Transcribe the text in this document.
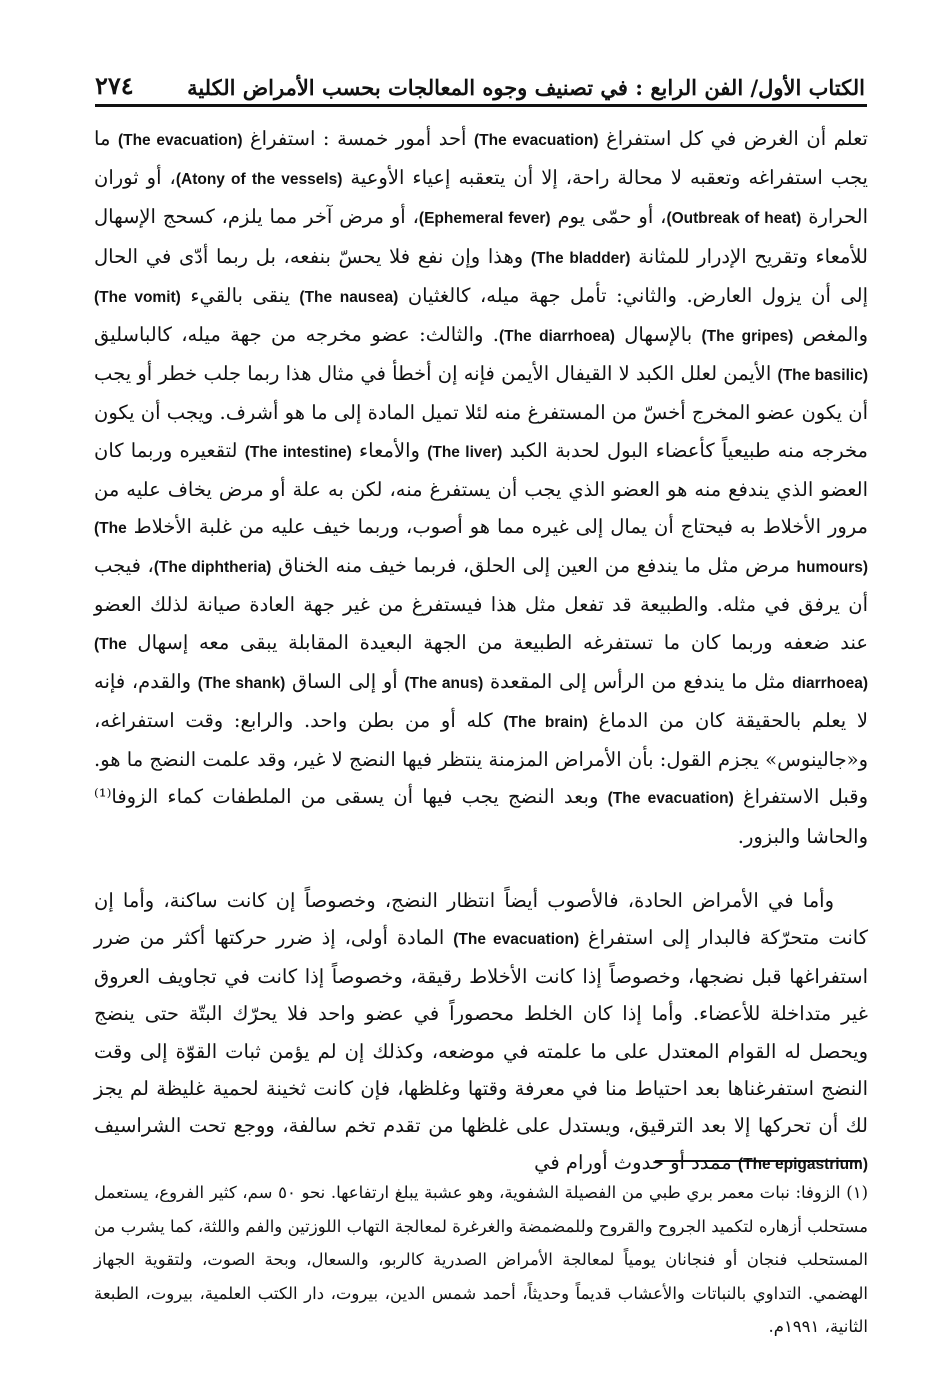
الكتاب الأول/ الفن الرابع : في تصنيف وجوه المعالجات بحسب الأمراض الكلية
٢٧٤

تعلم أن الغرض في كل استفراغ (The evacuation) أحد أمور خمسة : استفراغ (The evacuation) ما يجب استفراغه وتعقبه لا محالة راحة، إلا أن يتعقبه إعياء الأوعية (Atony of the vessels)، أو ثوران الحرارة (Outbreak of heat)، أو حمّى يوم (Ephemeral fever)، أو مرض آخر مما يلزم، كسحج الإسهال للأمعاء وتقريح الإدرار للمثانة (The bladder) وهذا وإن نفع فلا يحسّ بنفعه، بل ربما أدّى في الحال إلى أن يزول العارض. والثاني: تأمل جهة ميله، كالغثيان (The nausea) ينقى بالقيء (The vomit) والمغص (The gripes) بالإسهال (The diarrhoea). والثالث: عضو مخرجه من جهة ميله، كالباسليق (The basilic) الأيمن لعلل الكبد لا القيفال الأيمن فإنه إن أخطأ في مثال هذا ربما جلب خطر أو يجب أن يكون عضو المخرج أخسّ من المستفرغ منه لئلا تميل المادة إلى ما هو أشرف. ويجب أن يكون مخرجه منه طبيعياً كأعضاء البول لحدبة الكبد (The liver) والأمعاء (The intestine) لتقعيره وربما كان العضو الذي يندفع منه هو العضو الذي يجب أن يستفرغ منه، لكن به علة أو مرض يخاف عليه من مرور الأخلاط به فيحتاج أن يمال إلى غيره مما هو أصوب، وربما خيف عليه من غلبة الأخلاط (The humours) مرض مثل ما يندفع من العين إلى الحلق، فربما خيف منه الخناق (The diphtheria)، فيجب أن يرفق في مثله. والطبيعة قد تفعل مثل هذا فيستفرغ من غير جهة العادة صيانة لذلك العضو عند ضعفه وربما كان ما تستفرغه الطبيعة من الجهة البعيدة المقابلة يبقى معه إسهال (The diarrhoea) مثل ما يندفع من الرأس إلى المقعدة (The anus) أو إلى الساق (The shank) والقدم، فإنه لا يعلم بالحقيقة كان من الدماغ (The brain) كله أو من بطن واحد. والرابع: وقت استفراغه، و«جالينوس» يجزم القول: بأن الأمراض المزمنة ينتظر فيها النضج لا غير، وقد علمت النضج ما هو. وقبل الاستفراغ (The evacuation) وبعد النضج يجب فيها أن يسقى من الملطفات كماء الزوفا⁽¹⁾ والحاشا والبزور.

وأما في الأمراض الحادة، فالأصوب أيضاً انتظار النضج، وخصوصاً إن كانت ساكنة، وأما إن كانت متحرّكة فالبدار إلى استفراغ (The evacuation) المادة أولى، إذ ضرر حركتها أكثر من ضرر استفراغها قبل نضجها، وخصوصاً إذا كانت الأخلاط رقيقة، وخصوصاً إذا كانت في تجاويف العروق غير متداخلة للأعضاء. وأما إذا كان الخلط محصوراً في عضو واحد فلا يحرّك البتّة حتى ينضج ويحصل له القوام المعتدل على ما علمته في موضعه، وكذلك إن لم يؤمن ثبات القوّة إلى وقت النضج استفرغناها بعد احتياط منا في معرفة وقتها وغلظها، فإن كانت ثخينة لحمية غليظة لم يجز لك أن تحركها إلا بعد الترقيق، ويستدل على غلظها من تقدم تخم سالفة، ووجع تحت الشراسيف (The epigastrium) ممدد أو حدوث أورام في

(١) الزوفا: نبات معمر بري طبي من الفصيلة الشفوية، وهو عشبة يبلغ ارتفاعها. نحو ٥٠ سم، كثير الفروع، يستعمل مستحلب أزهاره لتكميد الجروح والقروح وللمضمضة والغرغرة لمعالجة التهاب اللوزتين والفم واللثة، كما يشرب من المستحلب فنجان أو فنجانان يومياً لمعالجة الأمراض الصدرية كالربو، والسعال، وبحة الصوت، ولتقوية الجهاز الهضمي. التداوي بالنباتات والأعشاب قديماً وحديثاً، أحمد شمس الدين، بيروت، دار الكتب العلمية، بيروت، الطبعة الثانية، ١٩٩١م.
